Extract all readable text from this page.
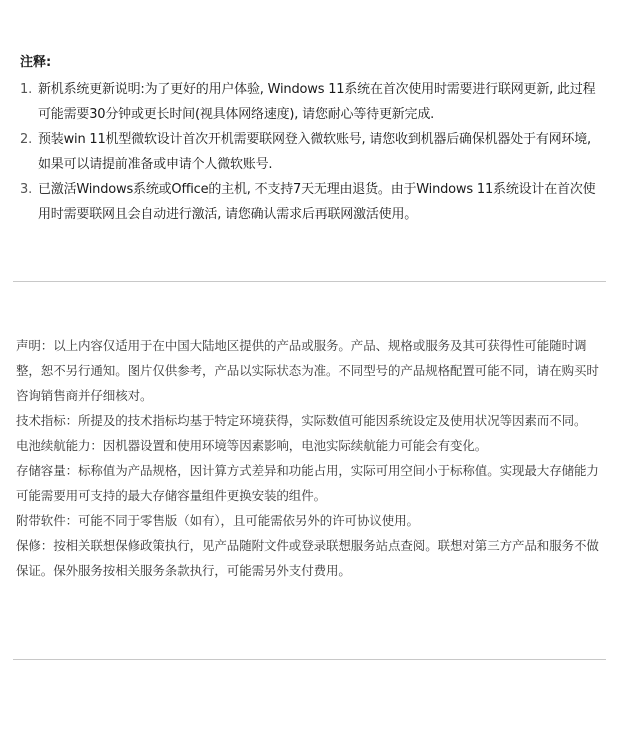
注释:
1. 新机系统更新说明:为了更好的用户体验, Windows 11系统在首次使用时需要进行联网更新, 此过程可能需要30分钟或更长时间(视具体网络速度), 请您耐心等待更新完成.
2. 预装win 11机型微软设计首次开机需要联网登入微软账号, 请您收到机器后确保机器处于有网环境, 如果可以请提前准备或申请个人微软账号.
3. 已激活Windows系统或Office的主机, 不支持7天无理由退货。由于Windows 11系统设计在首次使用时需要联网且会自动进行激活, 请您确认需求后再联网激活使用。

声明：以上内容仅适用于在中国大陆地区提供的产品或服务。产品、规格或服务及其可获得性可能随时调整，恕不另行通知。图片仅供参考，产品以实际状态为准。不同型号的产品规格配置可能不同，请在购买时咨询销售商并仔细核对。

技术指标：所提及的技术指标均基于特定环境获得，实际数值可能因系统设定及使用状况等因素而不同。

电池续航能力：因机器设置和使用环境等因素影响，电池实际续航能力可能会有变化。

存储容量：标称值为产品规格，因计算方式差异和功能占用，实际可用空间小于标称值。实现最大存储能力可能需要用可支持的最大存储容量组件更换安装的组件。

附带软件：可能不同于零售版（如有），且可能需依另外的许可协议使用。

保修：按相关联想保修政策执行，见产品随附文件或登录联想服务站点查阅。联想对第三方产品和服务不做保证。保外服务按相关服务条款执行，可能需另外支付费用。
